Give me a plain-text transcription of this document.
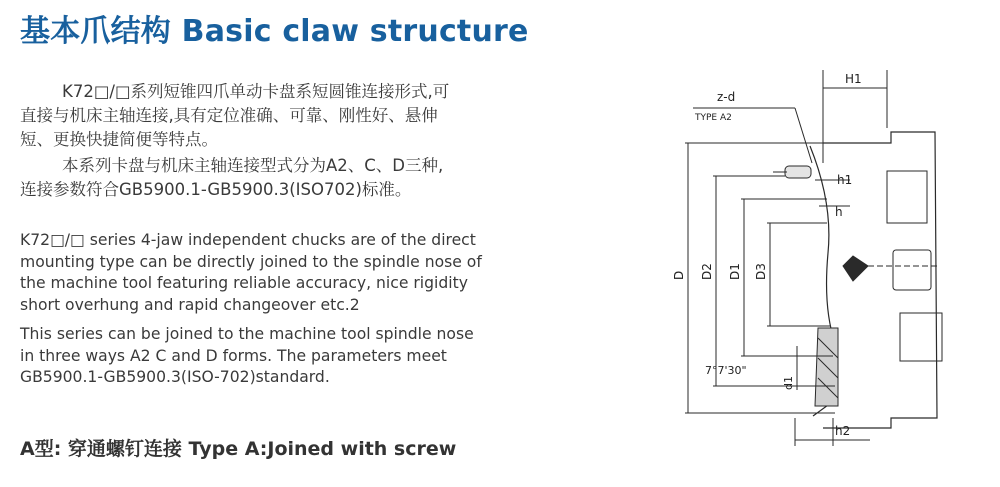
基本爪结构 Basic claw structure
K72□/□系列短锥四爪单动卡盘系短圆锥连接形式,可
直接与机床主轴连接,具有定位准确、可靠、刚性好、悬伸
短、更换快捷简便等特点。
本系列卡盘与机床主轴连接型式分为A2、C、D三种,
连接参数符合GB5900.1-GB5900.3(ISO702)标准。
K72□/□ series 4-jaw independent chucks are of the direct
mounting type can be directly joined to the spindle nose of
the machine tool featuring reliable accuracy, nice rigidity
short overhung and rapid changeover etc.2
This series can be joined to the machine tool spindle nose
in three ways A2 C and D forms. The parameters meet
GB5900.1-GB5900.3(ISO-702)standard.
A型: 穿通螺钉连接 Type A:Joined with screw
z-d
TYPE A2
H1
h1
h
D D2 D1 D3
7°7'30"
d1
h2
